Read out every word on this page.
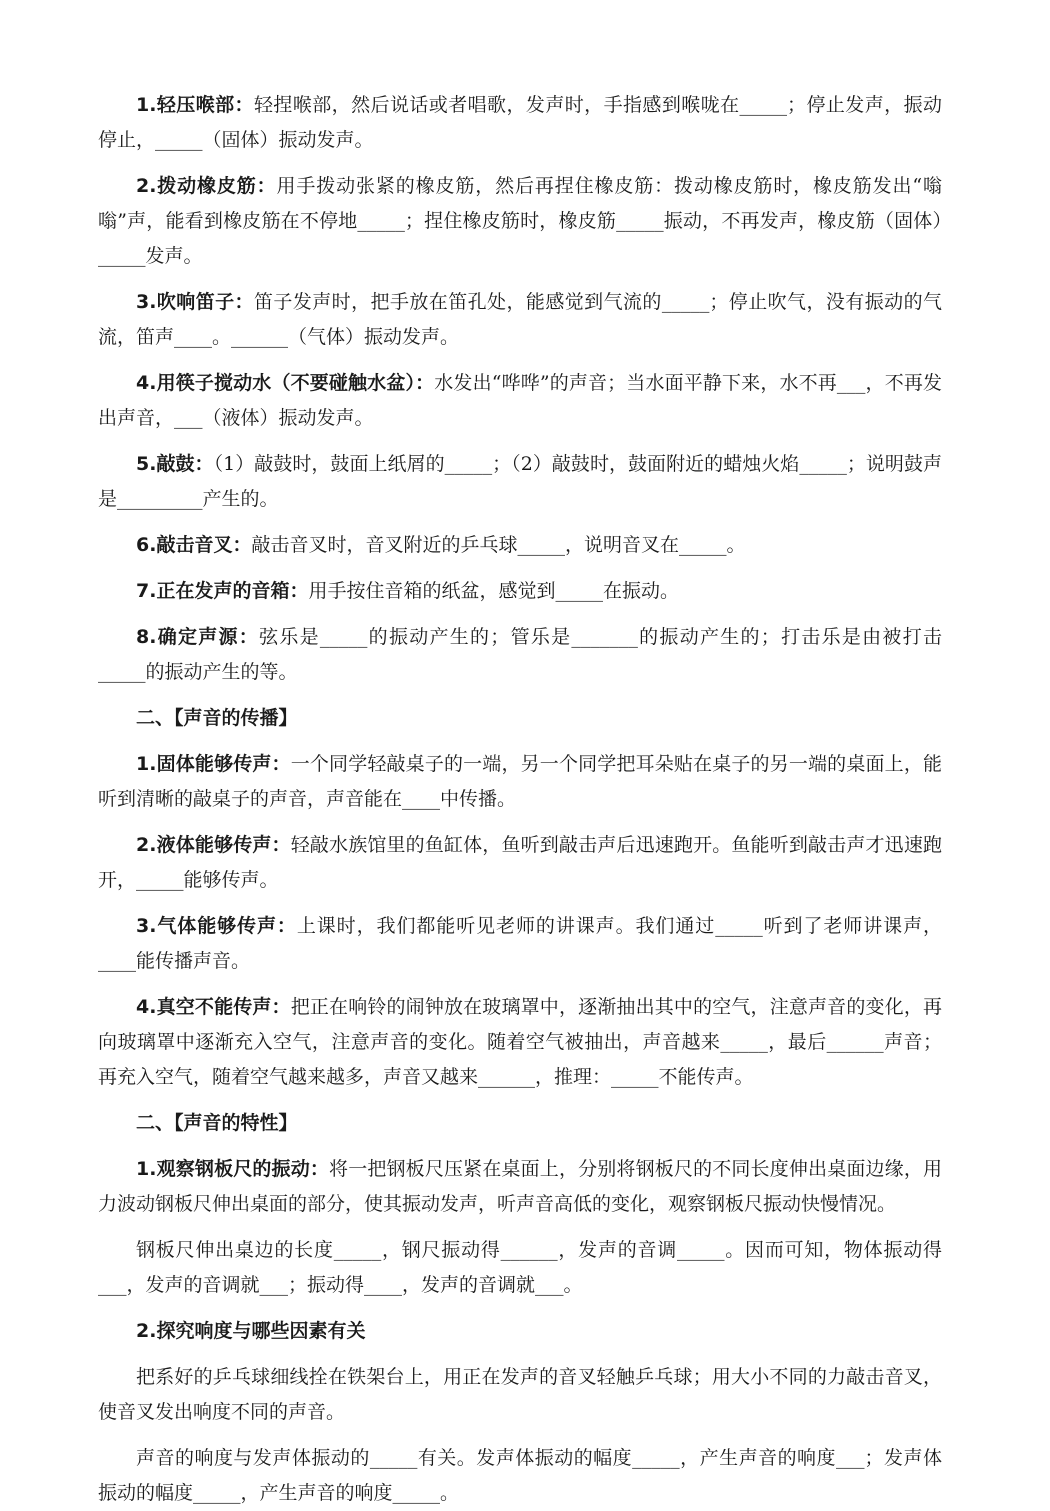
1.轻压喉部：轻捏喉部，然后说话或者唱歌，发声时，手指感到喉咙在_____；停止发声，振动停止，_____（固体）振动发声。

2.拨动橡皮筋：用手拨动张紧的橡皮筋，然后再捏住橡皮筋：拨动橡皮筋时，橡皮筋发出“嗡嗡”声，能看到橡皮筋在不停地_____；捏住橡皮筋时，橡皮筋_____振动，不再发声，橡皮筋（固体）_____发声。

3.吹响笛子：笛子发声时，把手放在笛孔处，能感觉到气流的_____；停止吹气，没有振动的气流，笛声____。______（气体）振动发声。

4.用筷子搅动水（不要碰触水盆）：水发出“哗哗”的声音；当水面平静下来，水不再___，不再发出声音，___（液体）振动发声。

5.敲鼓：（1）敲鼓时，鼓面上纸屑的_____；（2）敲鼓时，鼓面附近的蜡烛火焰_____；说明鼓声是_________产生的。

6.敲击音叉：敲击音叉时，音叉附近的乒乓球_____，说明音叉在_____。

7.正在发声的音箱：用手按住音箱的纸盆，感觉到_____在振动。

8.确定声源：弦乐是_____的振动产生的；管乐是_______的振动产生的；打击乐是由被打击_____的振动产生的等。

二、【声音的传播】

1.固体能够传声：一个同学轻敲桌子的一端，另一个同学把耳朵贴在桌子的另一端的桌面上，能听到清晰的敲桌子的声音，声音能在____中传播。

2.液体能够传声：轻敲水族馆里的鱼缸体，鱼听到敲击声后迅速跑开。鱼能听到敲击声才迅速跑开，_____能够传声。

3.气体能够传声：上课时，我们都能听见老师的讲课声。我们通过_____听到了老师讲课声，____能传播声音。

4.真空不能传声：把正在响铃的闹钟放在玻璃罩中，逐渐抽出其中的空气，注意声音的变化，再向玻璃罩中逐渐充入空气，注意声音的变化。随着空气被抽出，声音越来_____，最后______声音；再充入空气，随着空气越来越多，声音又越来______，推理：_____不能传声。

二、【声音的特性】

1.观察钢板尺的振动：将一把钢板尺压紧在桌面上，分别将钢板尺的不同长度伸出桌面边缘，用力波动钢板尺伸出桌面的部分，使其振动发声，听声音高低的变化，观察钢板尺振动快慢情况。

钢板尺伸出桌边的长度_____，钢尺振动得______，发声的音调_____。因而可知，物体振动得___，发声的音调就___；振动得____，发声的音调就___。

2.探究响度与哪些因素有关

把系好的乒乓球细线拴在铁架台上，用正在发声的音叉轻触乒乓球；用大小不同的力敲击音叉，使音叉发出响度不同的声音。

声音的响度与发声体振动的_____有关。发声体振动的幅度_____，产生声音的响度___；发声体振动的幅度_____，产生声音的响度_____。
